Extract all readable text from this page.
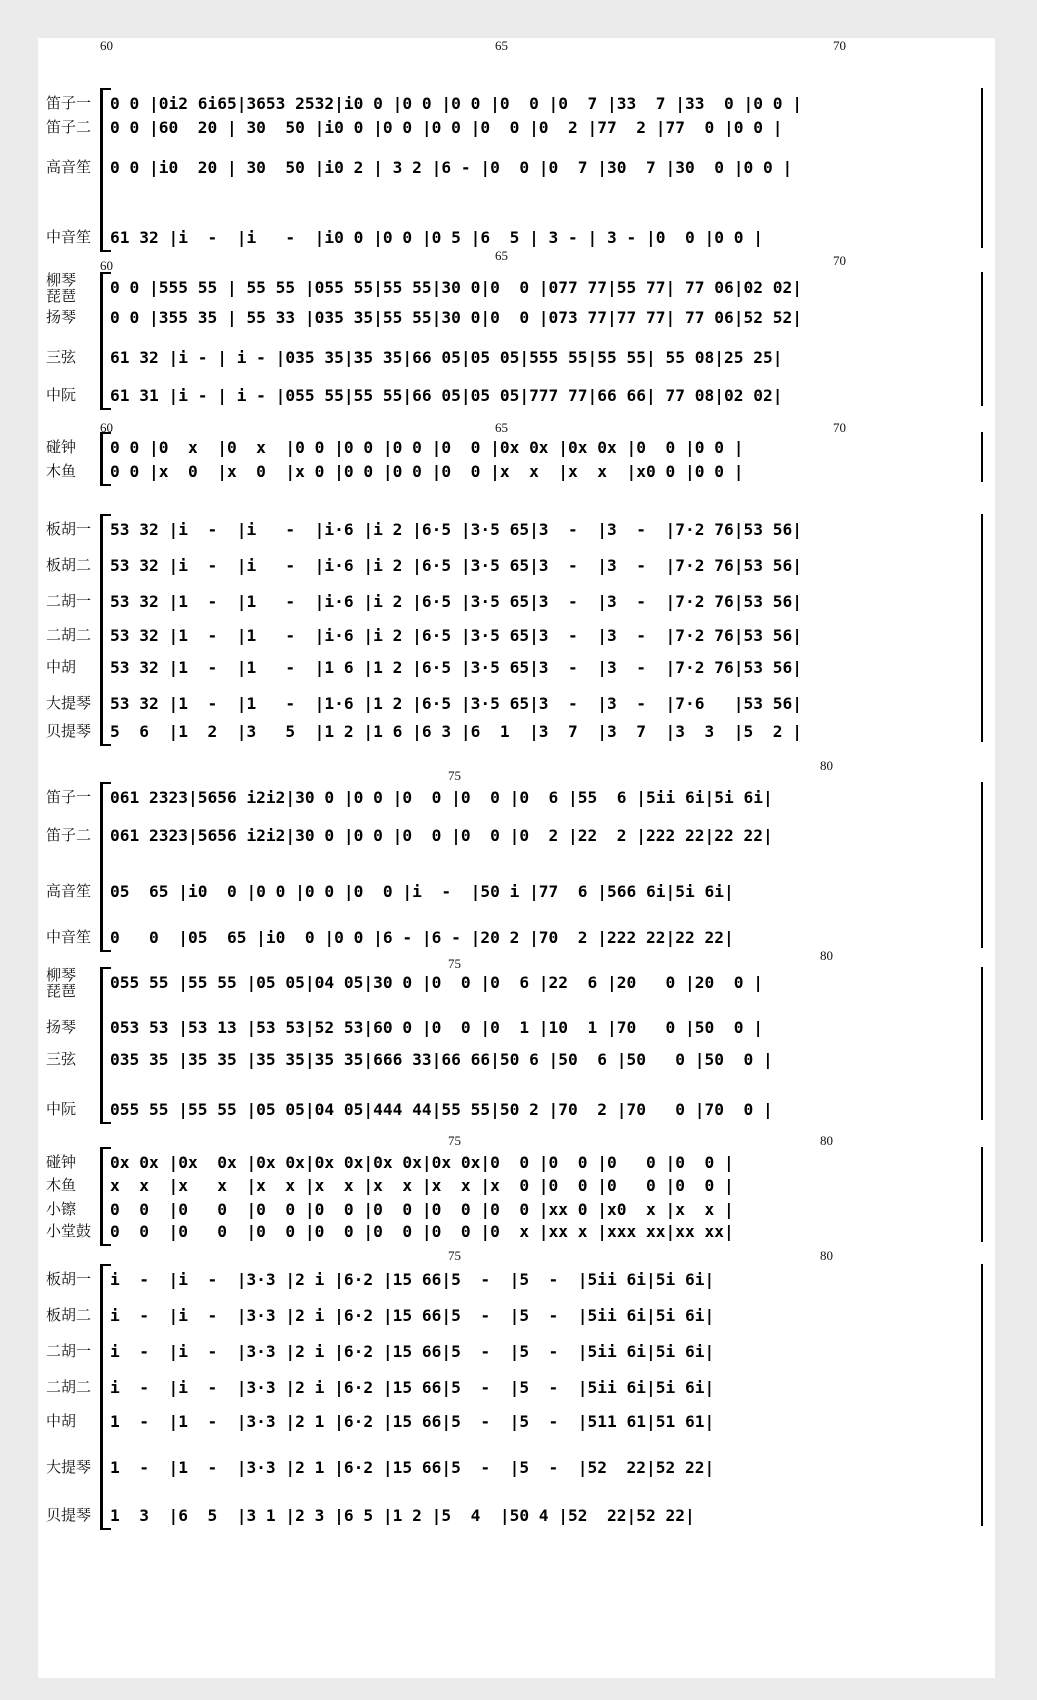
60	65	70
笛子一	0 0 |0i2 6i65|3653 2532|i0 0 |0 0 |0 0 |0  0 |0  7 |33  7 |33  0 |0 0 |
笛子二	0 0 |60  20 | 30  50 |i0 0 |0 0 |0 0 |0  0 |0  2 |77  2 |77  0 |0 0 |
高音笙	0 0 |i0  20 | 30  50 |i0 2 | 3 2 |6 - |0  0 |0  7 |30  7 |30  0 |0 0 |
中音笙	61 32 |i  -  |i   -  |i0 0 |0 0 |0 5 |6  5 | 3 - | 3 - |0  0 |0 0 |
60
65	70
柳琴
琵琶	0 0 |555 55 | 55 55 |055 55|55 55|30 0|0  0 |077 77|55 77| 77 06|02 02|
扬琴	0 0 |355 35 | 55 33 |035 35|55 55|30 0|0  0 |073 77|77 77| 77 06|52 52|
三弦	61 32 |i - | i - |035 35|35 35|66 05|05 05|555 55|55 55| 55 08|25 25|
中阮	61 31 |i - | i - |055 55|55 55|66 05|05 05|777 77|66 66| 77 08|02 02|
60	65	70
碰钟	0 0 |0  x  |0  x  |0 0 |0 0 |0 0 |0  0 |0x 0x |0x 0x |0  0 |0 0 |
木鱼	0 0 |x  0  |x  0  |x 0 |0 0 |0 0 |0  0 |x  x  |x  x  |x0 0 |0 0 |
板胡一	53 32 |i  -  |i   -  |i·6 |i 2 |6·5 |3·5 65|3  -  |3  -  |7·2 76|53 56|
板胡二	53 32 |i  -  |i   -  |i·6 |i 2 |6·5 |3·5 65|3  -  |3  -  |7·2 76|53 56|
二胡一	53 32 |1  -  |1   -  |i·6 |i 2 |6·5 |3·5 65|3  -  |3  -  |7·2 76|53 56|
二胡二	53 32 |1  -  |1   -  |i·6 |i 2 |6·5 |3·5 65|3  -  |3  -  |7·2 76|53 56|
中胡	53 32 |1  -  |1   -  |1 6 |1 2 |6·5 |3·5 65|3  -  |3  -  |7·2 76|53 56|
大提琴	53 32 |1  -  |1   -  |1·6 |1 2 |6·5 |3·5 65|3  -  |3  -  |7·6   |53 56|
贝提琴	5  6  |1  2  |3   5  |1 2 |1 6 |6 3 |6  1  |3  7  |3  7  |3  3  |5  2 |
75
80
笛子一	061 2323|5656 i2i2|30 0 |0 0 |0  0 |0  0 |0  6 |55  6 |5ii 6i|5i 6i|
笛子二	061 2323|5656 i2i2|30 0 |0 0 |0  0 |0  0 |0  2 |22  2 |222 22|22 22|
高音笙	05  65 |i0  0 |0 0 |0 0 |0  0 |i  -  |50 i |77  6 |566 6i|5i 6i|
中音笙	0   0  |05  65 |i0  0 |0 0 |6 - |6 - |20 2 |70  2 |222 22|22 22|
75
80
柳琴
琵琶	055 55 |55 55 |05 05|04 05|30 0 |0  0 |0  6 |22  6 |20   0 |20  0 |
扬琴	053 53 |53 13 |53 53|52 53|60 0 |0  0 |0  1 |10  1 |70   0 |50  0 |
三弦	035 35 |35 35 |35 35|35 35|666 33|66 66|50 6 |50  6 |50   0 |50  0 |
中阮	055 55 |55 55 |05 05|04 05|444 44|55 55|50 2 |70  2 |70   0 |70  0 |
75	80
碰钟	0x 0x |0x  0x |0x 0x|0x 0x|0x 0x|0x 0x|0  0 |0  0 |0   0 |0  0 |
木鱼	x  x  |x   x  |x  x |x  x |x  x |x  x |x  0 |0  0 |0   0 |0  0 |
小镲	0  0  |0   0  |0  0 |0  0 |0  0 |0  0 |0  0 |xx 0 |x0  x |x  x |
小堂鼓	0  0  |0   0  |0  0 |0  0 |0  0 |0  0 |0  x |xx x |xxx xx|xx xx|
75	80
板胡一	i  -  |i  -  |3·3 |2 i |6·2 |15 66|5  -  |5  -  |5ii 6i|5i 6i|
板胡二	i  -  |i  -  |3·3 |2 i |6·2 |15 66|5  -  |5  -  |5ii 6i|5i 6i|
二胡一	i  -  |i  -  |3·3 |2 i |6·2 |15 66|5  -  |5  -  |5ii 6i|5i 6i|
二胡二	i  -  |i  -  |3·3 |2 i |6·2 |15 66|5  -  |5  -  |5ii 6i|5i 6i|
中胡	1  -  |1  -  |3·3 |2 1 |6·2 |15 66|5  -  |5  -  |511 61|51 61|
大提琴	1  -  |1  -  |3·3 |2 1 |6·2 |15 66|5  -  |5  -  |52  22|52 22|
贝提琴	1  3  |6  5  |3 1 |2 3 |6 5 |1 2 |5  4  |50 4 |52  22|52 22|
